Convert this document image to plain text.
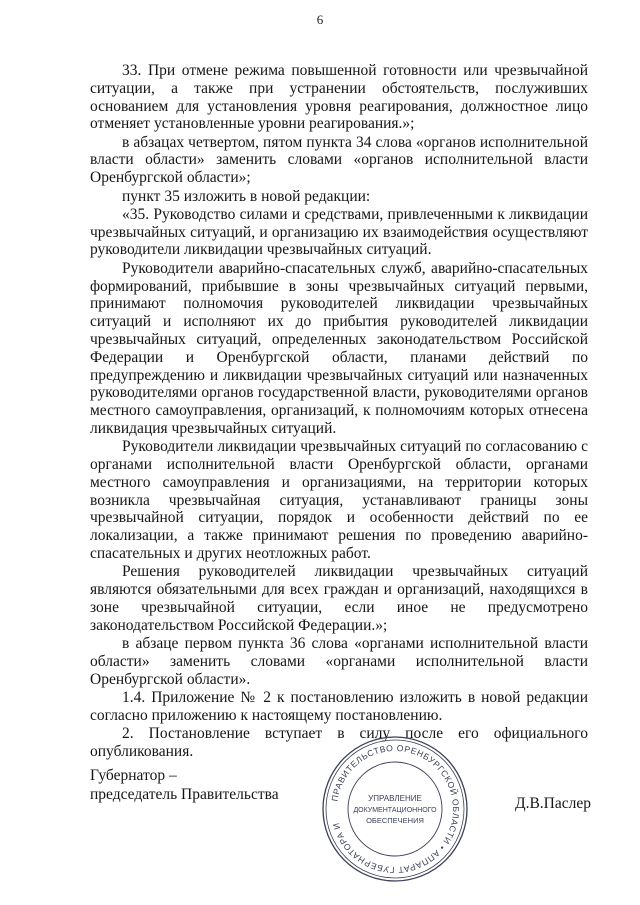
6

33. При отмене режима повышенной готовности или чрезвычайной ситуации, а также при устранении обстоятельств, послуживших основанием для установления уровня реагирования, должностное лицо отменяет установленные уровни реагирования.»;

в абзацах четвертом, пятом пункта 34 слова «органов исполнительной власти области» заменить словами «органов исполнительной власти Оренбургской области»;

пункт 35 изложить в новой редакции:

«35. Руководство силами и средствами, привлеченными к ликвидации чрезвычайных ситуаций, и организацию их взаимодействия осуществляют руководители ликвидации чрезвычайных ситуаций.

Руководители аварийно-спасательных служб, аварийно-спасательных формирований, прибывшие в зоны чрезвычайных ситуаций первыми, принимают полномочия руководителей ликвидации чрезвычайных ситуаций и исполняют их до прибытия руководителей ликвидации чрезвычайных ситуаций, определенных законодательством Российской Федерации и Оренбургской области, планами действий по предупреждению и ликвидации чрезвычайных ситуаций или назначенных руководителями органов государственной власти, руководителями органов местного самоуправления, организаций, к полномочиям которых отнесена ликвидация чрезвычайных ситуаций.

Руководители ликвидации чрезвычайных ситуаций по согласованию с органами исполнительной власти Оренбургской области, органами местного самоуправления и организациями, на территории которых возникла чрезвычайная ситуация, устанавливают границы зоны чрезвычайной ситуации, порядок и особенности действий по ее локализации, а также принимают решения по проведению аварийно-спасательных и других неотложных работ.

Решения руководителей ликвидации чрезвычайных ситуаций являются обязательными для всех граждан и организаций, находящихся в зоне чрезвычайной ситуации, если иное не предусмотрено законодательством Российской Федерации.»;

в абзаце первом пункта 36 слова «органами исполнительной власти области» заменить словами «органами исполнительной власти Оренбургской области».

1.4. Приложение № 2 к постановлению изложить в новой редакции согласно приложению к настоящему постановлению.

2. Постановление вступает в силу после его официального опубликования.

Губернатор –
председатель Правительства
Д.В.Паслер
ПРАВИТЕЛЬСТВО ОРЕНБУРГСКОЙ ОБЛАСТИ • АППАРАТ ГУБЕРНАТОРА И
УПРАВЛЕНИЕ
ДОКУМЕНТАЦИОННОГО
ОБЕСПЕЧЕНИЯ
